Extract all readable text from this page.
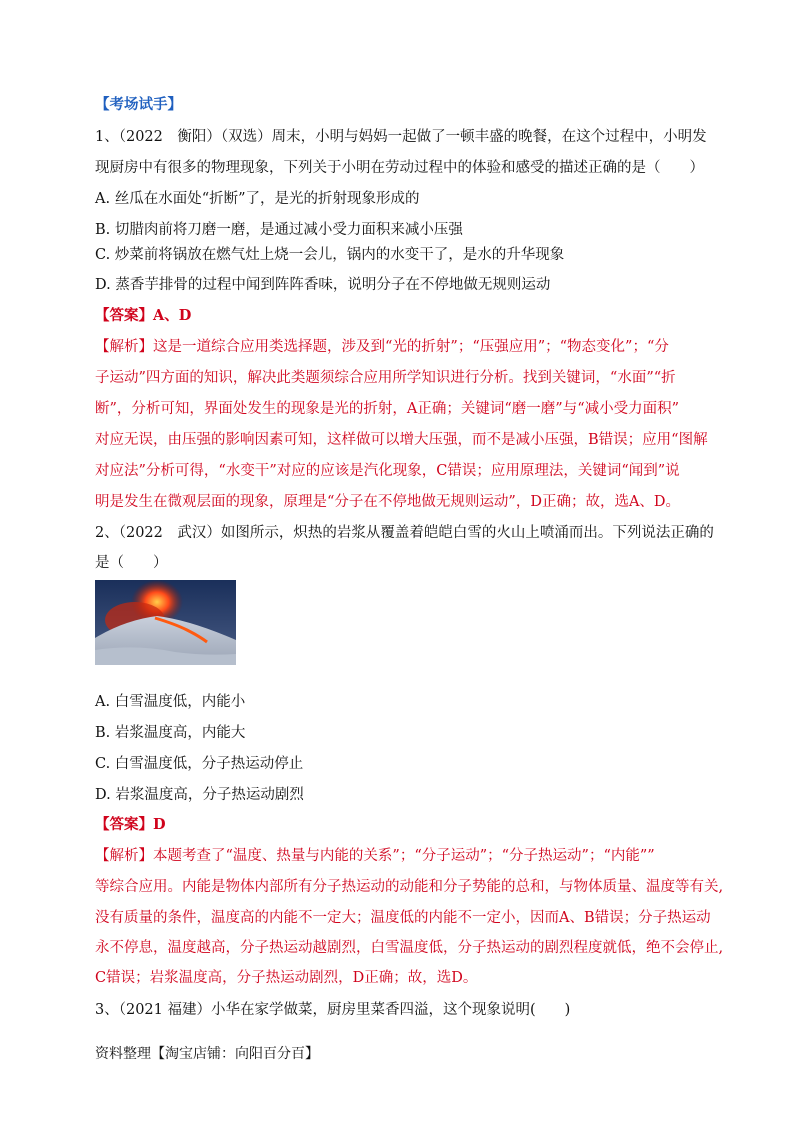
【考场试手】
1、（2022　衡阳）（双选）周末，小明与妈妈一起做了一顿丰盛的晚餐，在这个过程中，小明发
现厨房中有很多的物理现象，下列关于小明在劳动过程中的体验和感受的描述正确的是（　　）
A. 丝瓜在水面处“折断”了，是光的折射现象形成的
B. 切腊肉前将刀磨一磨，是通过减小受力面积来减小压强
C. 炒菜前将锅放在燃气灶上烧一会儿，锅内的水变干了，是水的升华现象
D. 蒸香芋排骨的过程中闻到阵阵香味，说明分子在不停地做无规则运动
【答案】A、D
【解析】这是一道综合应用类选择题，涉及到“光的折射”；“压强应用”；“物态变化”；“分
子运动”四方面的知识，解决此类题须综合应用所学知识进行分析。找到关键词，“水面”“折
断”，分析可知，界面处发生的现象是光的折射，A正确；关键词“磨一磨”与“减小受力面积”
对应无误，由压强的影响因素可知，这样做可以增大压强，而不是减小压强，B错误；应用“图解
对应法”分析可得，“水变干”对应的应该是汽化现象，C错误；应用原理法，关键词“闻到”说
明是发生在微观层面的现象，原理是“分子在不停地做无规则运动”，D正确；故，选A、D。
2、（2022　武汉）如图所示，炽热的岩浆从覆盖着皑皑白雪的火山上喷涌而出。下列说法正确的
是（　　）
A. 白雪温度低，内能小
B. 岩浆温度高，内能大
C. 白雪温度低，分子热运动停止
D. 岩浆温度高，分子热运动剧烈
【答案】D
【解析】本题考查了“温度、热量与内能的关系”；“分子运动”；“分子热运动”；“内能””
等综合应用。内能是物体内部所有分子热运动的动能和分子势能的总和，与物体质量、温度等有关,
没有质量的条件，温度高的内能不一定大；温度低的内能不一定小，因而A、B错误；分子热运动
永不停息，温度越高，分子热运动越剧烈，白雪温度低，分子热运动的剧烈程度就低，绝不会停止,
C错误；岩浆温度高，分子热运动剧烈，D正确；故，选D。
3、（2021 福建）小华在家学做菜，厨房里菜香四溢，这个现象说明(　　)
资料整理【淘宝店铺：向阳百分百】
